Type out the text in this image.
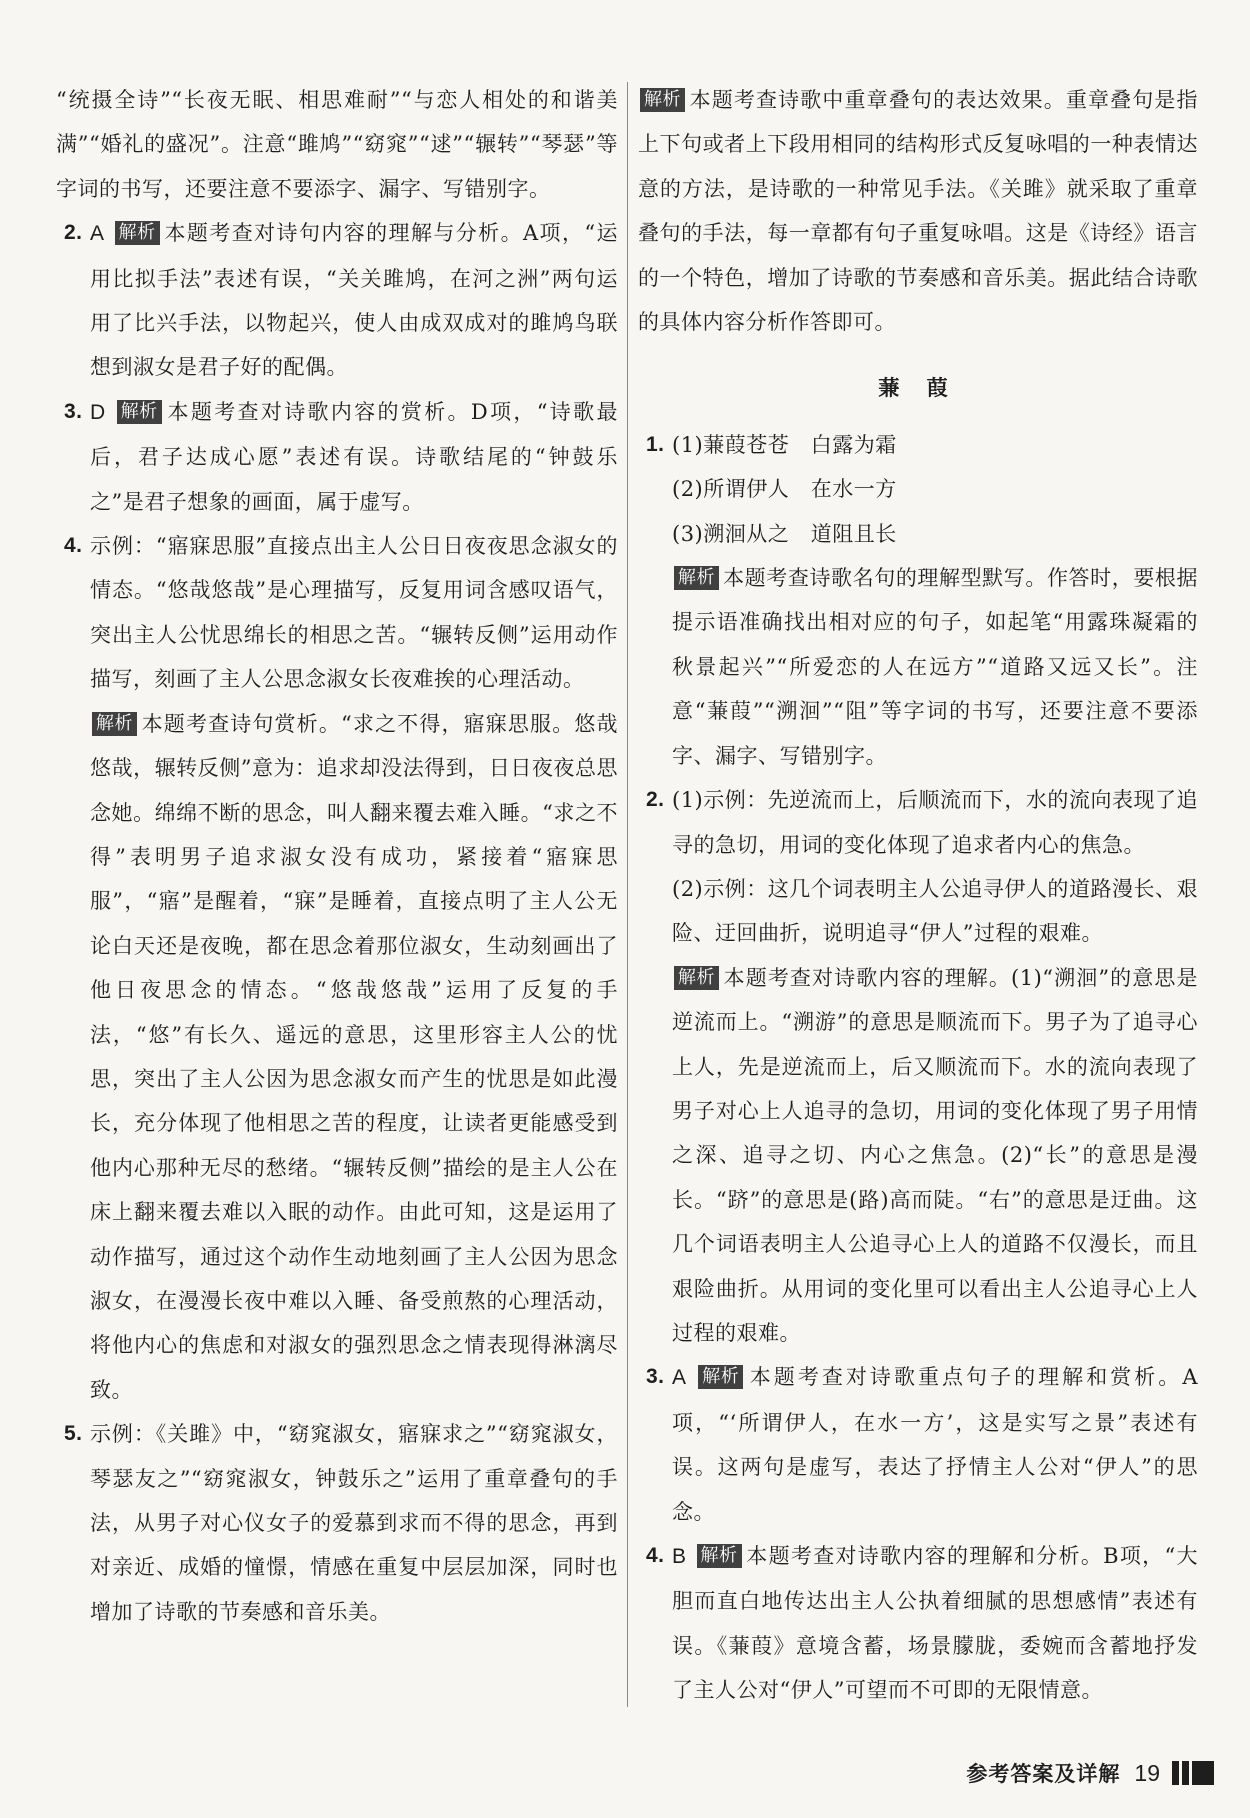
“统摄全诗”“长夜无眠、相思难耐”“与恋人相处的和谐美满”“婚礼的盛况”。注意“雎鸠”“窈窕”“逑”“辗转”“琴瑟”等字词的书写，还要注意不要添字、漏字、写错别字。

2. A 解析 本题考查对诗句内容的理解与分析。A项，“运用比拟手法”表述有误，“关关雎鸠，在河之洲”两句运用了比兴手法，以物起兴，使人由成双成对的雎鸠鸟联想到淑女是君子好的配偶。

3. D 解析 本题考查对诗歌内容的赏析。D项，“诗歌最后，君子达成心愿”表述有误。诗歌结尾的“钟鼓乐之”是君子想象的画面，属于虚写。

4. 示例：“寤寐思服”直接点出主人公日日夜夜思念淑女的情态。“悠哉悠哉”是心理描写，反复用词含感叹语气，突出主人公忧思绵长的相思之苦。“辗转反侧”运用动作描写，刻画了主人公思念淑女长夜难挨的心理活动。

解析 本题考查诗句赏析。“求之不得，寤寐思服。悠哉悠哉，辗转反侧”意为：追求却没法得到，日日夜夜总思念她。绵绵不断的思念，叫人翻来覆去难入睡。“求之不得”表明男子追求淑女没有成功，紧接着“寤寐思服”，“寤”是醒着，“寐”是睡着，直接点明了主人公无论白天还是夜晚，都在思念着那位淑女，生动刻画出了他日夜思念的情态。“悠哉悠哉”运用了反复的手法，“悠”有长久、遥远的意思，这里形容主人公的忧思，突出了主人公因为思念淑女而产生的忧思是如此漫长，充分体现了他相思之苦的程度，让读者更能感受到他内心那种无尽的愁绪。“辗转反侧”描绘的是主人公在床上翻来覆去难以入眠的动作。由此可知，这是运用了动作描写，通过这个动作生动地刻画了主人公因为思念淑女，在漫漫长夜中难以入睡、备受煎熬的心理活动，将他内心的焦虑和对淑女的强烈思念之情表现得淋漓尽致。

5. 示例：《关雎》中，“窈窕淑女，寤寐求之”“窈窕淑女，琴瑟友之”“窈窕淑女，钟鼓乐之”运用了重章叠句的手法，从男子对心仪女子的爱慕到求而不得的思念，再到对亲近、成婚的憧憬，情感在重复中层层加深，同时也增加了诗歌的节奏感和音乐美。

解析 本题考查诗歌中重章叠句的表达效果。重章叠句是指上下句或者上下段用相同的结构形式反复咏唱的一种表情达意的方法，是诗歌的一种常见手法。《关雎》就采取了重章叠句的手法，每一章都有句子重复咏唱。这是《诗经》语言的一个特色，增加了诗歌的节奏感和音乐美。据此结合诗歌的具体内容分析作答即可。

蒹 葭
1. (1)蒹葭苍苍　白露为霜

(2)所谓伊人　在水一方

(3)溯洄从之　道阻且长

解析 本题考查诗歌名句的理解型默写。作答时，要根据提示语准确找出相对应的句子，如起笔“用露珠凝霜的秋景起兴”“所爱恋的人在远方”“道路又远又长”。注意“蒹葭”“溯洄”“阻”等字词的书写，还要注意不要添字、漏字、写错别字。

2. (1)示例：先逆流而上，后顺流而下，水的流向表现了追寻的急切，用词的变化体现了追求者内心的焦急。

(2)示例：这几个词表明主人公追寻伊人的道路漫长、艰险、迂回曲折，说明追寻“伊人”过程的艰难。

解析 本题考查对诗歌内容的理解。(1)“溯洄”的意思是逆流而上。“溯游”的意思是顺流而下。男子为了追寻心上人，先是逆流而上，后又顺流而下。水的流向表现了男子对心上人追寻的急切，用词的变化体现了男子用情之深、追寻之切、内心之焦急。(2)“长”的意思是漫长。“跻”的意思是(路)高而陡。“右”的意思是迂曲。这几个词语表明主人公追寻心上人的道路不仅漫长，而且艰险曲折。从用词的变化里可以看出主人公追寻心上人过程的艰难。

3. A 解析 本题考查对诗歌重点句子的理解和赏析。A项，“‘所谓伊人，在水一方’，这是实写之景”表述有误。这两句是虚写，表达了抒情主人公对“伊人”的思念。

4. B 解析 本题考查对诗歌内容的理解和分析。B项，“大胆而直白地传达出主人公执着细腻的思想感情”表述有误。《蒹葭》意境含蓄，场景朦胧，委婉而含蓄地抒发了主人公对“伊人”可望而不可即的无限情意。

参考答案及详解 19
